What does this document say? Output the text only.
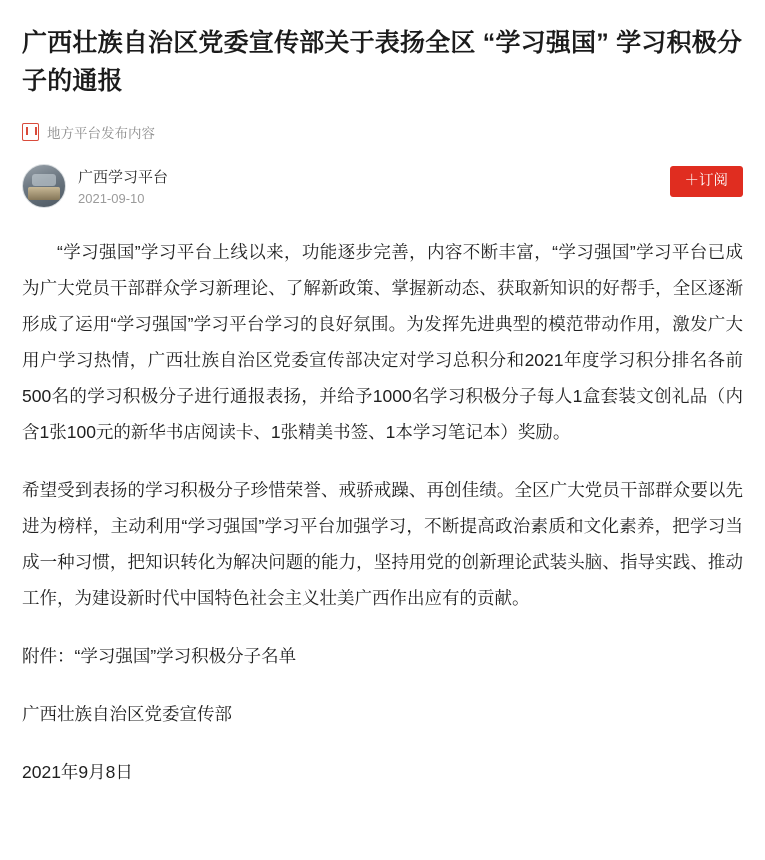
广西壮族自治区党委宣传部关于表扬全区 “学习强国” 学习积极分子的通报
地方平台发布内容
广西学习平台
2021-09-10
＋订阅

“学习强国”学习平台上线以来，功能逐步完善，内容不断丰富，“学习强国”学习平台已成为广大党员干部群众学习新理论、了解新政策、掌握新动态、获取新知识的好帮手，全区逐渐形成了运用“学习强国”学习平台学习的良好氛围。为发挥先进典型的模范带动作用，激发广大用户学习热情，广西壮族自治区党委宣传部决定对学习总积分和2021年度学习积分排名各前500名的学习积极分子进行通报表扬，并给予1000名学习积极分子每人1盒套装文创礼品（内含1张100元的新华书店阅读卡、1张精美书签、1本学习笔记本）奖励。

希望受到表扬的学习积极分子珍惜荣誉、戒骄戒躁、再创佳绩。全区广大党员干部群众要以先进为榜样，主动利用“学习强国”学习平台加强学习，不断提高政治素质和文化素养，把学习当成一种习惯，把知识转化为解决问题的能力，坚持用党的创新理论武装头脑、指导实践、推动工作，为建设新时代中国特色社会主义壮美广西作出应有的贡献。

附件：“学习强国”学习积极分子名单

广西壮族自治区党委宣传部

2021年9月8日
